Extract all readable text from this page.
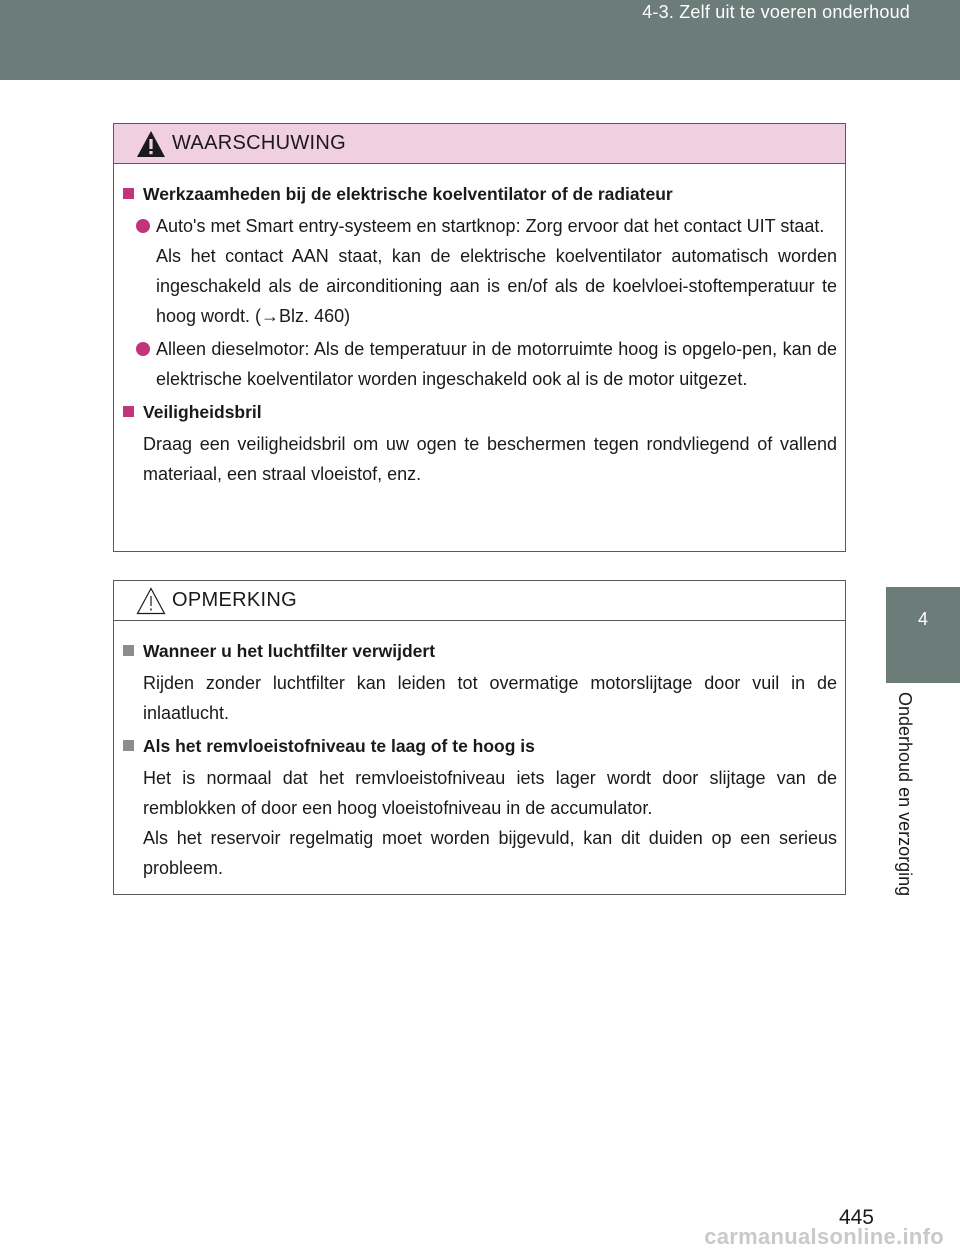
4-3. Zelf uit te voeren onderhoud
4
Onderhoud en verzorging
WAARSCHUWING
Werkzaamheden bij de elektrische koelventilator of de radiateur
Auto's met Smart entry-systeem en startknop: Zorg ervoor dat het contact UIT staat.
Als het contact AAN staat, kan de elektrische koelventilator automatisch worden ingeschakeld als de airconditioning aan is en/of als de koelvloei-stoftemperatuur te hoog wordt. (→Blz. 460)
Alleen dieselmotor: Als de temperatuur in de motorruimte hoog is opgelo-pen, kan de elektrische koelventilator worden ingeschakeld ook al is de motor uitgezet.
Veiligheidsbril
Draag een veiligheidsbril om uw ogen te beschermen tegen rondvliegend of vallend materiaal, een straal vloeistof, enz.
OPMERKING
Wanneer u het luchtfilter verwijdert
Rijden zonder luchtfilter kan leiden tot overmatige motorslijtage door vuil in de inlaatlucht.
Als het remvloeistofniveau te laag of te hoog is
Het is normaal dat het remvloeistofniveau iets lager wordt door slijtage van de remblokken of door een hoog vloeistofniveau in de accumulator.
Als het reservoir regelmatig moet worden bijgevuld, kan dit duiden op een serieus probleem.
445
carmanualsonline.info
